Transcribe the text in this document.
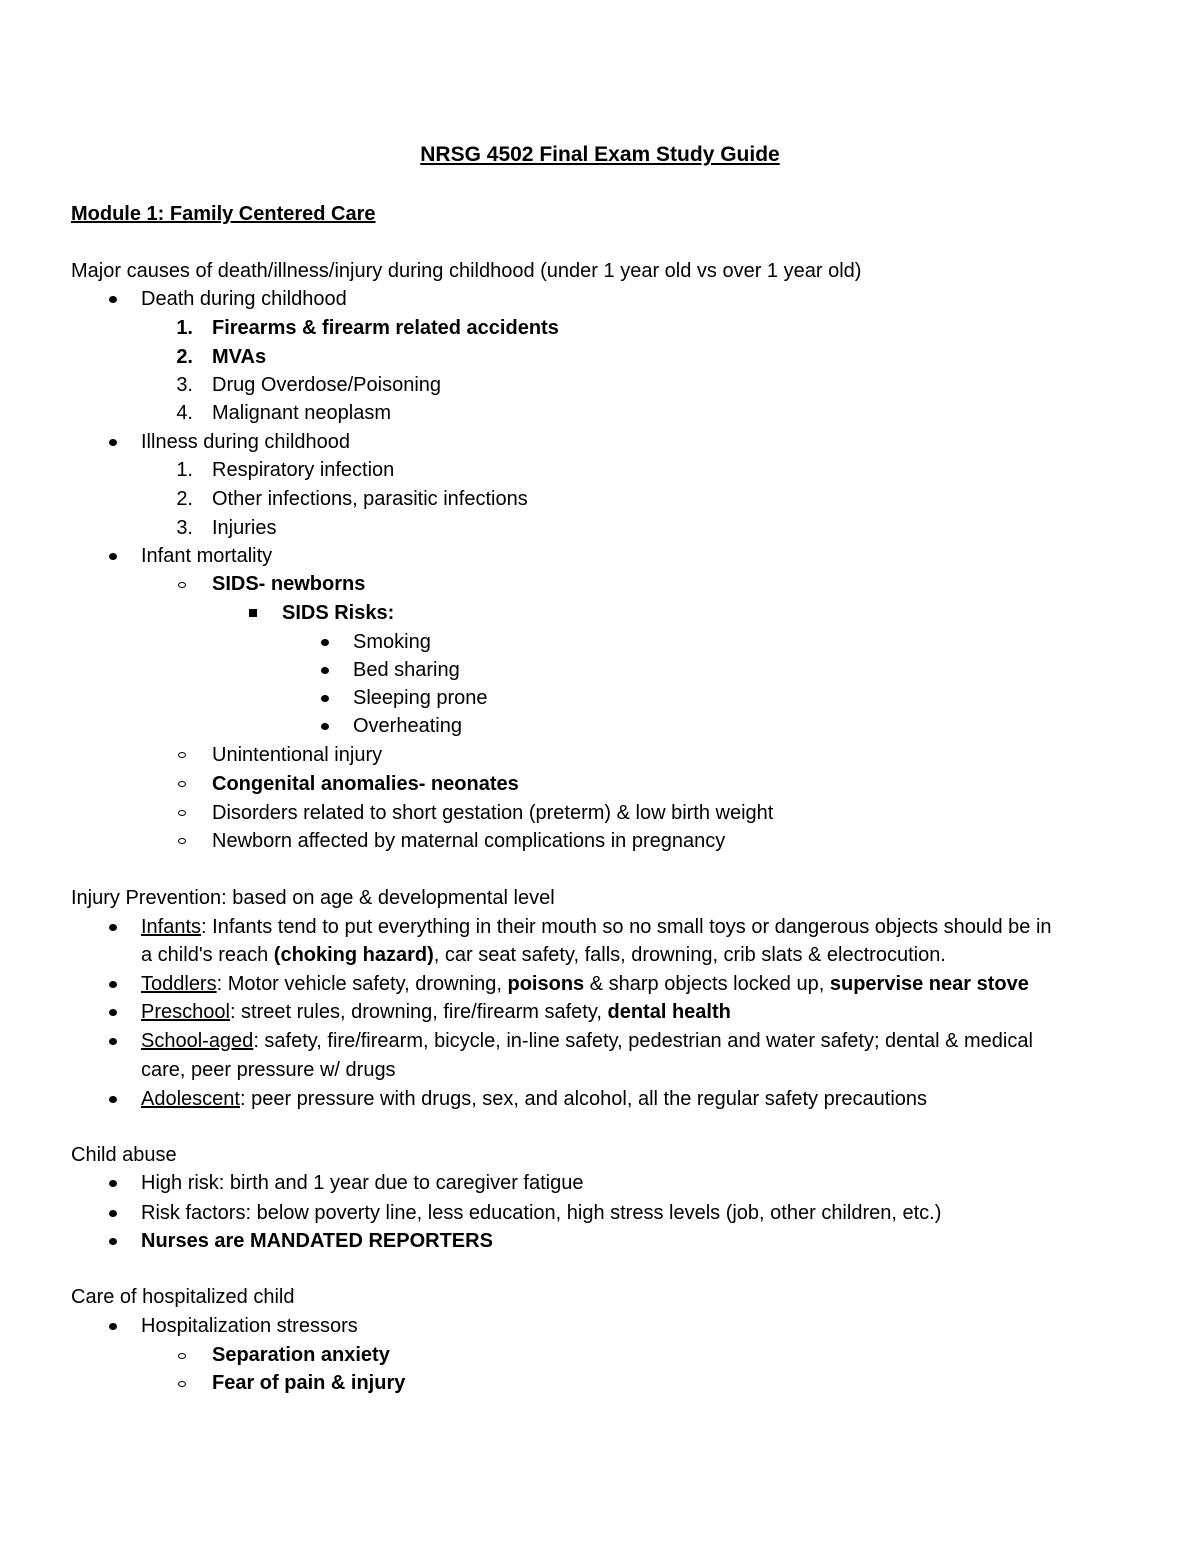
NRSG 4502 Final Exam Study Guide
Module 1: Family Centered Care
Major causes of death/illness/injury during childhood (under 1 year old vs over 1 year old)
Death during childhood
1. Firearms & firearm related accidents
2. MVAs
3. Drug Overdose/Poisoning
4. Malignant neoplasm
Illness during childhood
1. Respiratory infection
2. Other infections, parasitic infections
3. Injuries
Infant mortality
SIDS- newborns
SIDS Risks:
Smoking
Bed sharing
Sleeping prone
Overheating
Unintentional injury
Congenital anomalies- neonates
Disorders related to short gestation (preterm) & low birth weight
Newborn affected by maternal complications in pregnancy
Injury Prevention: based on age & developmental level
Infants: Infants tend to put everything in their mouth so no small toys or dangerous objects should be in
a child's reach (choking hazard), car seat safety, falls, drowning, crib slats & electrocution.
Toddlers: Motor vehicle safety, drowning, poisons & sharp objects locked up, supervise near stove
Preschool: street rules, drowning, fire/firearm safety, dental health
School-aged: safety, fire/firearm, bicycle, in-line safety, pedestrian and water safety; dental & medical
care, peer pressure w/ drugs
Adolescent: peer pressure with drugs, sex, and alcohol, all the regular safety precautions
Child abuse
High risk: birth and 1 year due to caregiver fatigue
Risk factors: below poverty line, less education, high stress levels (job, other children, etc.)
Nurses are MANDATED REPORTERS
Care of hospitalized child
Hospitalization stressors
Separation anxiety
Fear of pain & injury
